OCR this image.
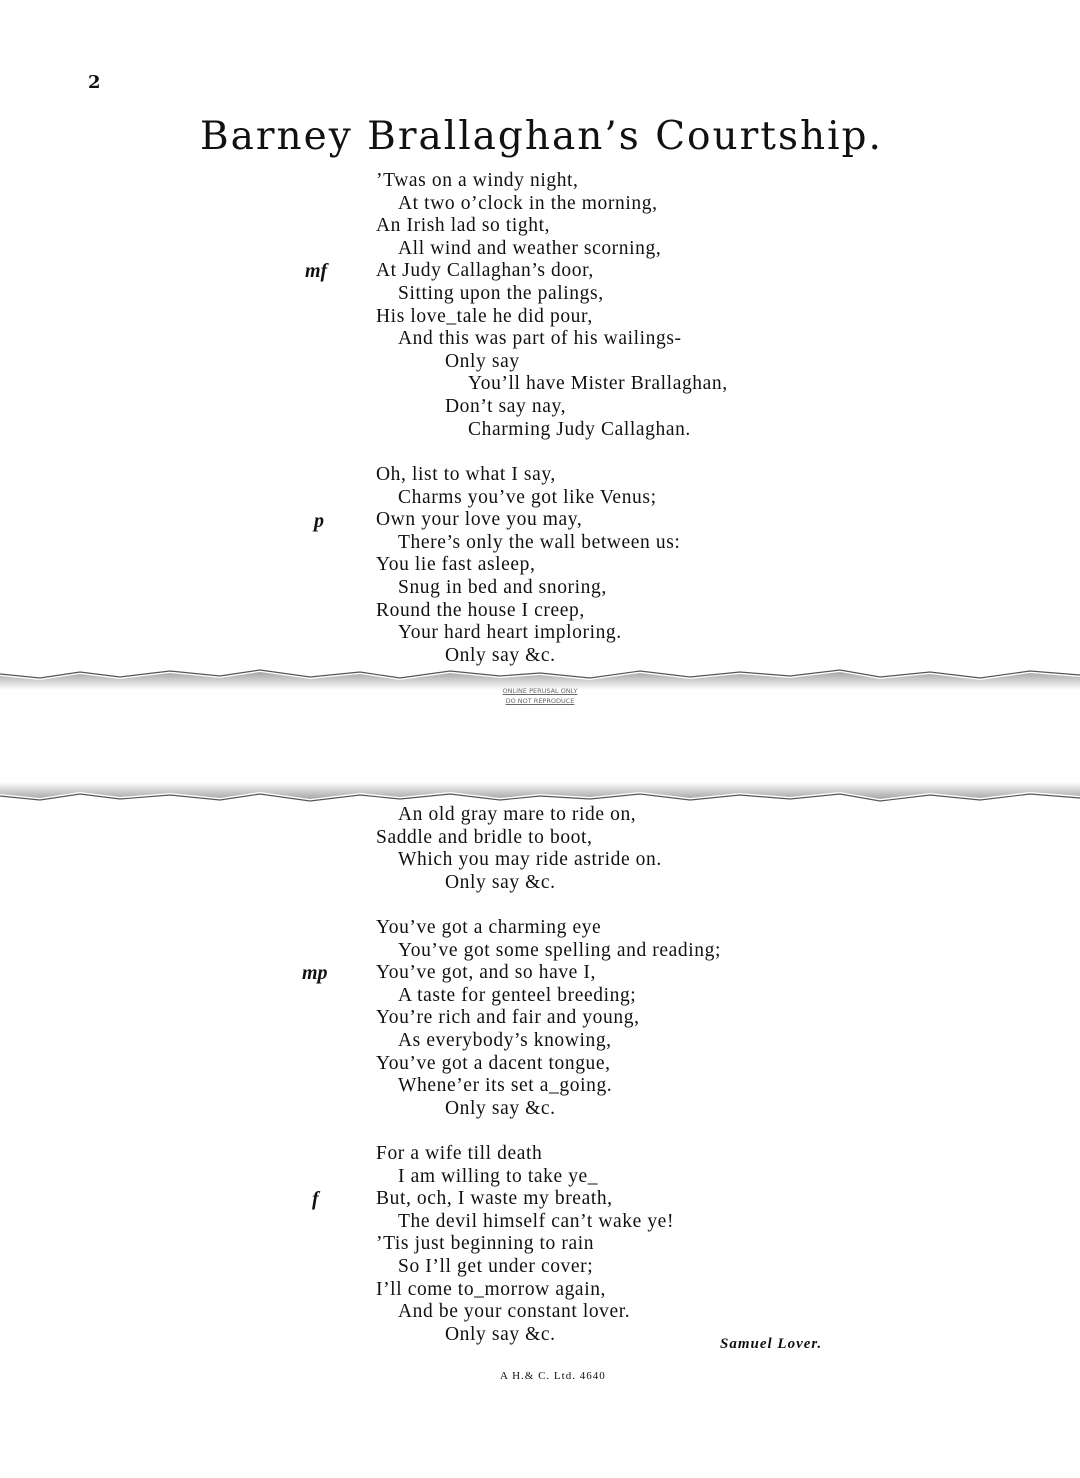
2
Barney Brallaghan’s Courtship.
mf
’Twas on a windy night,
At two o’clock in the morning,
An Irish lad so tight,
All wind and weather scorning,
At Judy Callaghan’s door,
Sitting upon the palings,
His love_tale he did pour,
And this was part of his wailings-
Only say
You’ll have Mister Brallaghan,
Don’t say nay,
Charming Judy Callaghan.
p
Oh, list to what I say,
Charms you’ve got like Venus;
Own your love you may,
There’s only the wall between us:
You lie fast asleep,
Snug in bed and snoring,
Round the house I creep,
Your hard heart imploring.
Only say &c.
ONLINE PERUSAL ONLY
DO NOT REPRODUCE
An old gray mare to ride on,
Saddle and bridle to boot,
Which you may ride astride on.
Only say &c.
mp
You’ve got a charming eye
You’ve got some spelling and reading;
You’ve got, and so have I,
A taste for genteel breeding;
You’re rich and fair and young,
As everybody’s knowing,
You’ve got a dacent tongue,
Whene’er its set a_going.
Only say &c.
f
For a wife till death
I am willing to take ye_
But, och, I waste my breath,
The devil himself can’t wake ye!
’Tis just beginning to rain
So I’ll get under cover;
I’ll come to_morrow again,
And be your constant lover.
Only say &c.	Samuel Lover.
A H.& C. Ltd. 4640
